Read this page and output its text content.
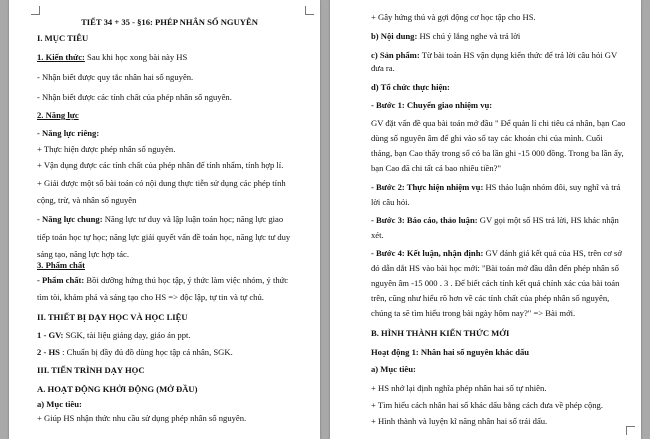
TIẾT 34 + 35 - §16: PHÉP NHÂN SỐ NGUYÊN
I. MỤC TIÊU
1. Kiến thức: Sau khi học xong bài này HS
- Nhận biết được quy tắc nhân hai số nguyên.
- Nhận biết được các tính chất của phép nhân số nguyên.
2. Năng lực
- Năng lực riêng:
+ Thực hiện được phép nhân số nguyên.
+ Vận dụng được các tính chất của phép nhân để tính nhẩm, tính hợp lí.
+ Giải được một số bài toán có nội dung thực tiễn sử dụng các phép tính
cộng, trừ, và nhân số nguyên
- Năng lực chung: Năng lực tư duy và lập luận toán học; năng lực giao
tiếp toán học tự học; năng lực giải quyết vấn đề toán học, năng lực tư duy
sáng tạo, năng lực hợp tác.
3. Phẩm chất
- Phẩm chất: Bồi dưỡng hứng thú học tập, ý thức làm việc nhóm, ý thức
tìm tòi, khám phá và sáng tạo cho HS => độc lập, tự tin và tự chủ.
II. THIẾT BỊ DẠY HỌC VÀ HỌC LIỆU
1 - GV: SGK, tài liệu giảng dạy, giáo án ppt.
2 - HS : Chuẩn bị đầy đủ đồ dùng học tập cá nhân, SGK.
III. TIẾN TRÌNH DẠY HỌC
A. HOẠT ĐỘNG KHỞI ĐỘNG (MỞ ĐẦU)
a) Mục tiêu:
+ Giúp HS nhận thức nhu cầu sử dụng phép nhân số nguyên.
+ Gây hứng thú và gợi động cơ học tập cho HS.
b) Nội dung: HS chú ý lắng nghe và trả lời
c) Sản phẩm: Từ bài toán HS vận dụng kiến thức để trả lời câu hỏi GV
đưa ra.
d) Tổ chức thực hiện:
- Bước 1: Chuyển giao nhiệm vụ:
GV đặt vấn đề qua bài toán mở đầu " Để quản lí chi tiêu cá nhân, bạn Cao
dùng số nguyên âm để ghi vào sổ tay các khoản chi của mình. Cuối
tháng, bạn Cao thấy trong sổ có ba lần ghi -15 000 đồng. Trong ba lần ấy,
bạn Cao đã chi tất cả bao nhiêu tiền?"
- Bước 2: Thực hiện nhiệm vụ: HS thảo luận nhóm đôi, suy nghĩ và trả
lời câu hỏi.
- Bước 3: Báo cáo, thảo luận: GV gọi một số HS trả lời, HS khác nhận
xét.
- Bước 4: Kết luận, nhận định: GV đánh giá kết quả của HS, trên cơ sở
đó dẫn dắt HS vào bài học mới: "Bài toán mở đầu dẫn đến phép nhân số
nguyên âm -15 000 . 3 . Để biết cách tính kết quả chính xác của bài toán
trên, cũng như hiểu rõ hơn về các tính chất của phép nhân số nguyên,
chúng ta sẽ tìm hiểu trong bài ngày hôm nay?" => Bài mới.
B. HÌNH THÀNH KIẾN THỨC MỚI
Hoạt động 1: Nhân hai số nguyên khác dấu
a) Mục tiêu:
+ HS nhớ lại định nghĩa phép nhân hai số tự nhiên.
+ Tìm hiểu cách nhân hai số khác dấu bằng cách đưa về phép cộng.
+ Hình thành và luyện kĩ năng nhân hai số trái dấu.
